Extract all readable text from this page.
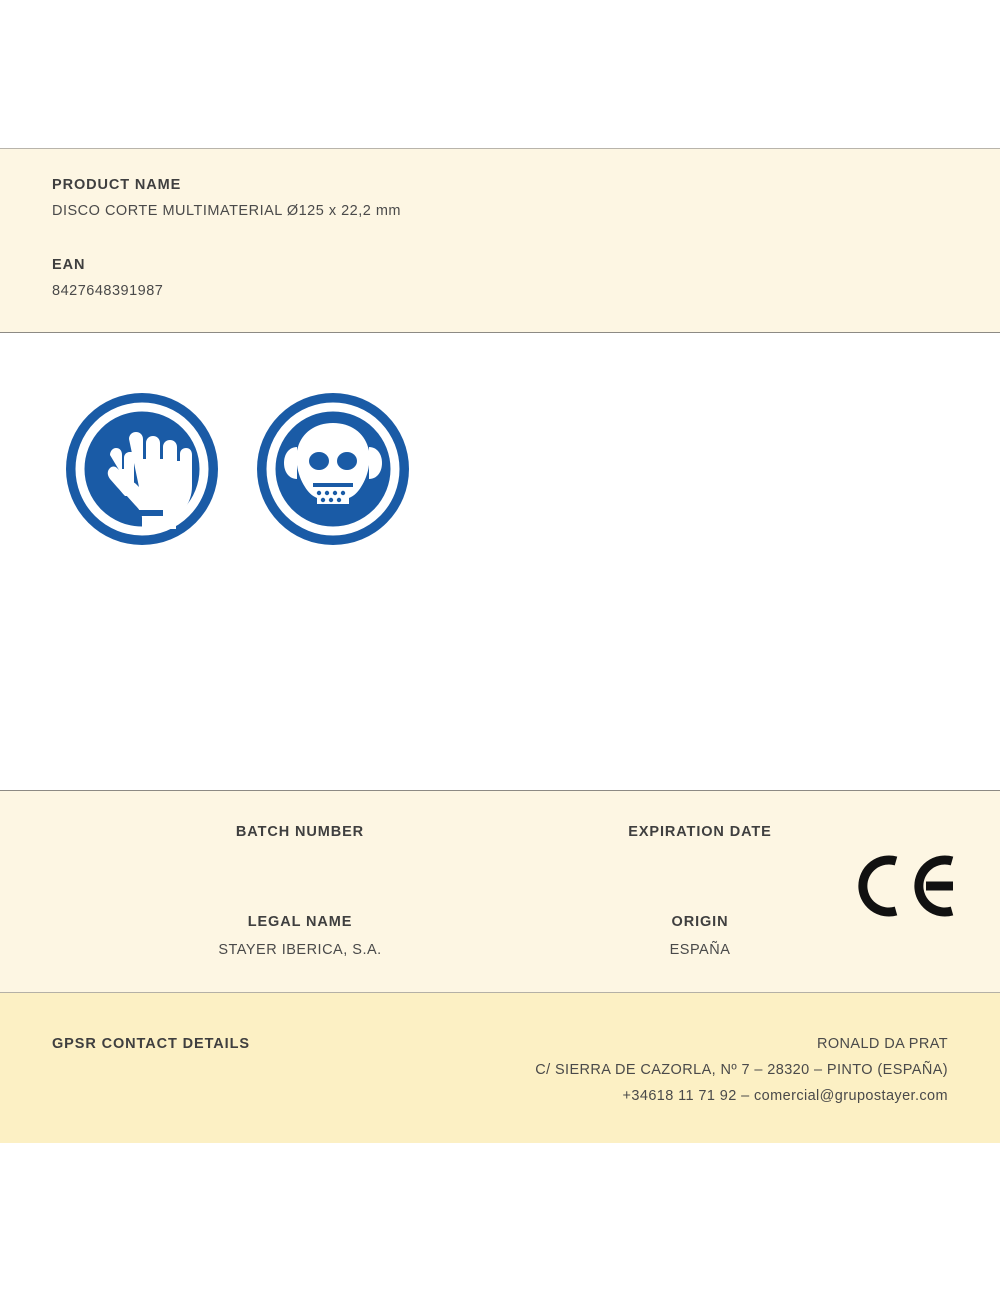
PRODUCT NAME
DISCO CORTE MULTIMATERIAL Ø125 x 22,2 mm
EAN
8427648391987
BATCH NUMBER	EXPIRATION DATE
LEGAL NAME
STAYER IBERICA, S.A.
ORIGIN
ESPAÑA
GPSR CONTACT DETAILS	RONALD DA PRAT
C/ SIERRA DE CAZORLA, Nº 7 – 28320 – PINTO (ESPAÑA)
+34618 11 71 92 – comercial@grupostayer.com
